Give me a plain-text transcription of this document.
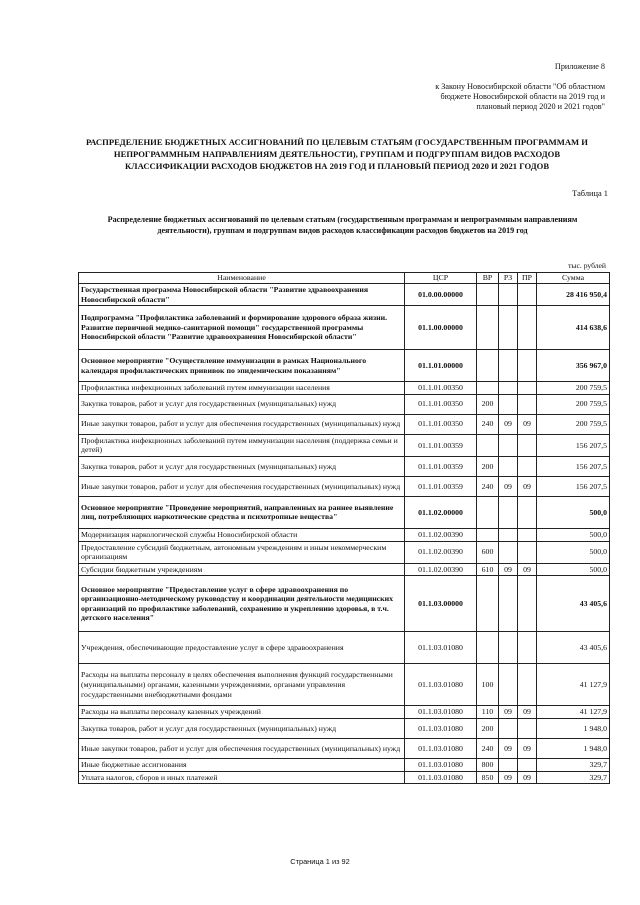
Приложение 8
к Закону Новосибирской области "Об областном
бюджете Новосибирской области на 2019 год и
плановый период 2020 и 2021 годов"
РАСПРЕДЕЛЕНИЕ БЮДЖЕТНЫХ АССИГНОВАНИЙ ПО ЦЕЛЕВЫМ СТАТЬЯМ (ГОСУДАРСТВЕННЫМ ПРОГРАММАМ И НЕПРОГРАММНЫМ НАПРАВЛЕНИЯМ ДЕЯТЕЛЬНОСТИ), ГРУППАМ И ПОДГРУППАМ ВИДОВ РАСХОДОВ КЛАССИФИКАЦИИ РАСХОДОВ БЮДЖЕТОВ НА 2019 ГОД И ПЛАНОВЫЙ ПЕРИОД 2020 И 2021 ГОДОВ
Таблица 1
Распределение бюджетных ассигнований по целевым статьям (государственным программам и непрограммным направлениям деятельности), группам и подгруппам видов расходов классификации расходов бюджетов на 2019 год
тыс. рублей
Наименование	ЦСР	ВР	РЗ	ПР	Сумма
Государственная программа Новосибирской области "Развитие здравоохранения Новосибирской области"	01.0.00.00000				28 416 950,4
Подпрограмма "Профилактика заболеваний и формирование здорового образа жизни. Развитие первичной медико-санитарной помощи" государственной программы Новосибирской области "Развитие здравоохранения Новосибирской области"	01.1.00.00000				414 638,6
Основное мероприятие "Осуществление иммунизации в рамках Национального календаря профилактических прививок по эпидемическим показаниям"	01.1.01.00000				356 967,0
Профилактика инфекционных заболеваний путем иммунизации населения	01.1.01.00350				200 759,5
Закупка товаров, работ и услуг для государственных (муниципальных) нужд	01.1.01.00350	200			200 759,5
Иные закупки товаров, работ и услуг для обеспечения государственных (муниципальных) нужд	01.1.01.00350	240	09	09	200 759,5
Профилактика инфекционных заболеваний путем иммунизации населения (поддержка семьи и детей)	01.1.01.00359				156 207,5
Закупка товаров, работ и услуг для государственных (муниципальных) нужд	01.1.01.00359	200			156 207,5
Иные закупки товаров, работ и услуг для обеспечения государственных (муниципальных) нужд	01.1.01.00359	240	09	09	156 207,5
Основное мероприятие "Проведение мероприятий, направленных на раннее выявление лиц, потребляющих наркотические средства и психотропные вещества"	01.1.02.00000				500,0
Модернизация наркологической службы Новосибирской области	01.1.02.00390				500,0
Предоставление субсидий бюджетным, автономным учреждениям и иным некоммерческим организациям	01.1.02.00390	600			500,0
Субсидии бюджетным учреждениям	01.1.02.00390	610	09	09	500,0
Основное мероприятие "Предоставление услуг в сфере здравоохранения по организационно-методическому руководству и координации деятельности медицинских организаций по профилактике заболеваний, сохранению и укреплению здоровья, в т.ч. детского населения"	01.1.03.00000				43 405,6
Учреждения, обеспечивающие предоставление услуг в сфере здравоохранения	01.1.03.01080				43 405,6
Расходы на выплаты персоналу в целях обеспечения выполнения функций государственными (муниципальными) органами, казенными учреждениями, органами управления государственными внебюджетными фондами	01.1.03.01080	100			41 127,9
Расходы на выплаты персоналу казенных учреждений	01.1.03.01080	110	09	09	41 127,9
Закупка товаров, работ и услуг для государственных (муниципальных) нужд	01.1.03.01080	200			1 948,0
Иные закупки товаров, работ и услуг для обеспечения государственных (муниципальных) нужд	01.1.03.01080	240	09	09	1 948,0
Иные бюджетные ассигнования	01.1.03.01080	800			329,7
Уплата налогов, сборов и иных платежей	01.1.03.01080	850	09	09	329,7
Страница 1 из 92
